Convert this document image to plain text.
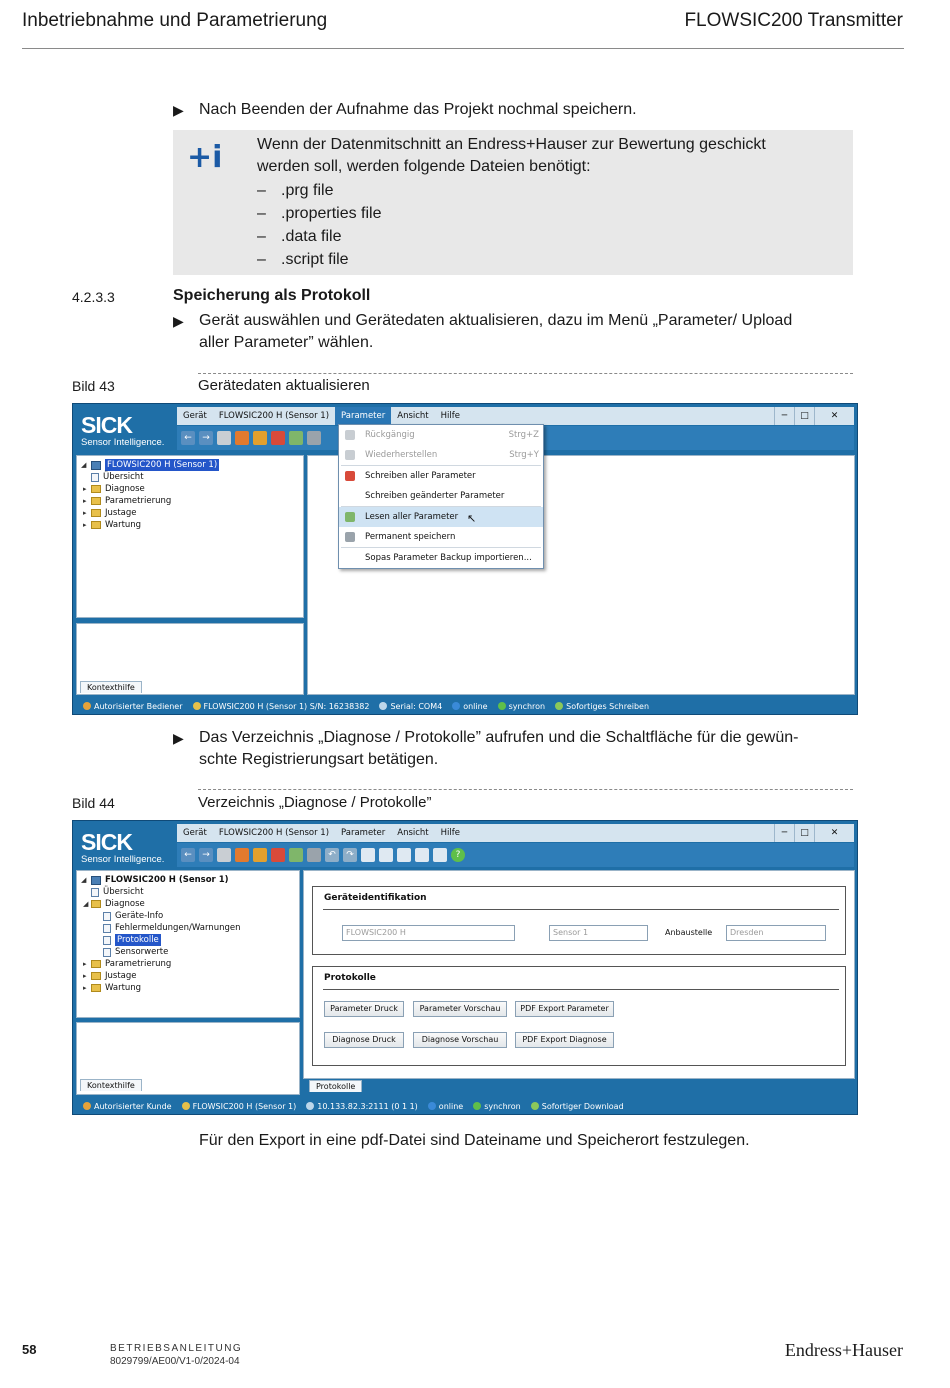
Inbetriebnahme und Parametrierung	FLOWSIC200 Transmitter
▶ Nach Beenden der Aufnahme das Projekt nochmal speichern.
+i Wenn der Datenmitschnitt an Endress+Hauser zur Bewertung geschickt
werden soll, werden folgende Dateien benötigt:
– .prg file
– .properties file
– .data file
– .script file
4.2.3.3	Speicherung als Protokoll
▶ Gerät auswählen und Gerätedaten aktualisieren, dazu im Menü „Parameter/ Upload
aller Parameter” wählen.
Bild 43	Gerätedaten aktualisieren
SICK
Sensor Intelligence.
Gerät	FLOWSIC200 H (Sensor 1)	Parameter	Ansicht	Hilfe	─	□	✕
←	→
◢	FLOWSIC200 H (Sensor 1)
Übersicht
▸	Diagnose
▸	Parametrierung
▸	Justage
▸	Wartung
Kontexthilfe
Rückgängig	Strg+Z
Wiederherstellen	Strg+Y
Schreiben aller Parameter
Schreiben geänderter Parameter
Lesen aller Parameter ↖
Permanent speichern
Sopas Parameter Backup importieren...
Autorisierter Bediener	FLOWSIC200 H (Sensor 1) S/N: 16238382	Serial: COM4	online	synchron	Sofortiges Schreiben
▶ Das Verzeichnis „Diagnose / Protokolle” aufrufen und die Schaltfläche für die gewün-
schte Registrierungsart betätigen.
Bild 44	Verzeichnis „Diagnose / Protokolle”
SICK
Sensor Intelligence.
Gerät	FLOWSIC200 H (Sensor 1)	Parameter	Ansicht	Hilfe	─	□	✕
←	→	↶	↷	?
◢	FLOWSIC200 H (Sensor 1)
Übersicht
◢	Diagnose
Geräte-Info
Fehlermeldungen/Warnungen
Protokolle
Sensorwerte
▸	Parametrierung
▸	Justage
▸	Wartung
Kontexthilfe
Geräteidentifikation
FLOWSIC200 H	Sensor 1	Anbaustelle	Dresden
Protokolle
Parameter Druck	Parameter Vorschau	PDF Export Parameter
Diagnose Druck	Diagnose Vorschau	PDF Export Diagnose
Protokolle
Autorisierter Kunde	FLOWSIC200 H (Sensor 1)	10.133.82.3:2111 (0 1 1)	online	synchron	Sofortiger Download
Für den Export in eine pdf-Datei sind Dateiname und Speicherort festzulegen.
58	BETRIEBSANLEITUNG
8029799/AE00/V1-0/2024-04
Endress+Hauser
